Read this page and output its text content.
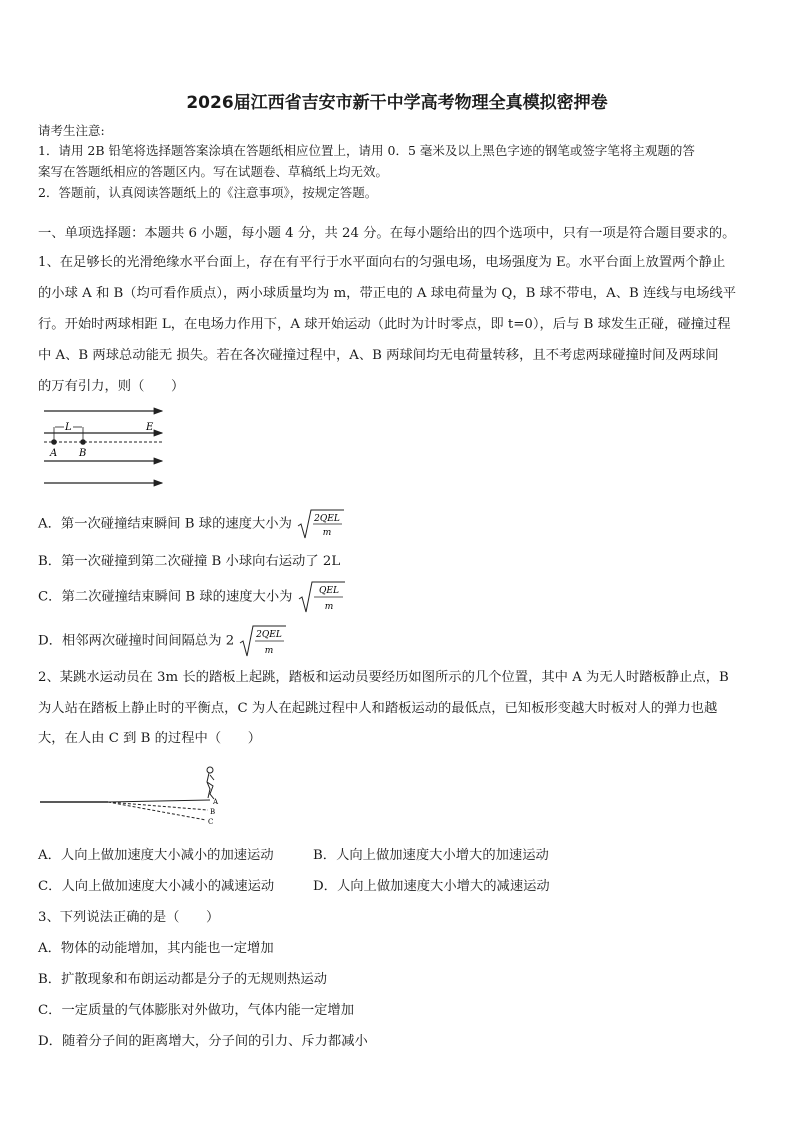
2026届江西省吉安市新干中学高考物理全真模拟密押卷
请考生注意:
1．请用 2B 铅笔将选择题答案涂填在答题纸相应位置上，请用 0．5 毫米及以上黑色字迹的钢笔或签字笔将主观题的答
案写在答题纸相应的答题区内。写在试题卷、草稿纸上均无效。
2．答题前，认真阅读答题纸上的《注意事项》，按规定答题。
一、单项选择题：本题共 6 小题，每小题 4 分，共 24 分。在每小题给出的四个选项中，只有一项是符合题目要求的。
1、在足够长的光滑绝缘水平台面上，存在有平行于水平面向右的匀强电场，电场强度为 E。水平台面上放置两个静止
的小球 A 和 B（均可看作质点），两小球质量均为 m，带正电的 A 球电荷量为 Q，B 球不带电，A、B 连线与电场线平
行。开始时两球相距 L，在电场力作用下，A 球开始运动（此时为计时零点，即 t=0），后与 B 球发生正碰，碰撞过程
中 A、B 两球总动能无 损失。若在各次碰撞过程中，A、B 两球间均无电荷量转移，且不考虑两球碰撞时间及两球间
的万有引力，则（　　）
L
A B
E
A．第一次碰撞结束瞬间 B 球的速度大小为 2QEL
m
B．第一次碰撞到第二次碰撞 B 小球向右运动了 2L
C．第二次碰撞结束瞬间 B 球的速度大小为	QEL
m
D．相邻两次碰撞时间间隔总为 2 2QEL
m
2、某跳水运动员在 3m 长的踏板上起跳，踏板和运动员要经历如图所示的几个位置，其中 A 为无人时踏板静止点，B
为人站在踏板上静止时的平衡点，C 为人在起跳过程中人和踏板运动的最低点，已知板形变越大时板对人的弹力也越
大，在人由 C 到 B 的过程中（　　）
A
B
C
A．人向上做加速度大小减小的加速运动	B．人向上做加速度大小增大的加速运动
C．人向上做加速度大小减小的减速运动	D．人向上做加速度大小增大的减速运动
3、下列说法正确的是（　　）
A．物体的动能增加，其内能也一定增加
B．扩散现象和布朗运动都是分子的无规则热运动
C．一定质量的气体膨胀对外做功，气体内能一定增加
D．随着分子间的距离增大，分子间的引力、斥力都减小
